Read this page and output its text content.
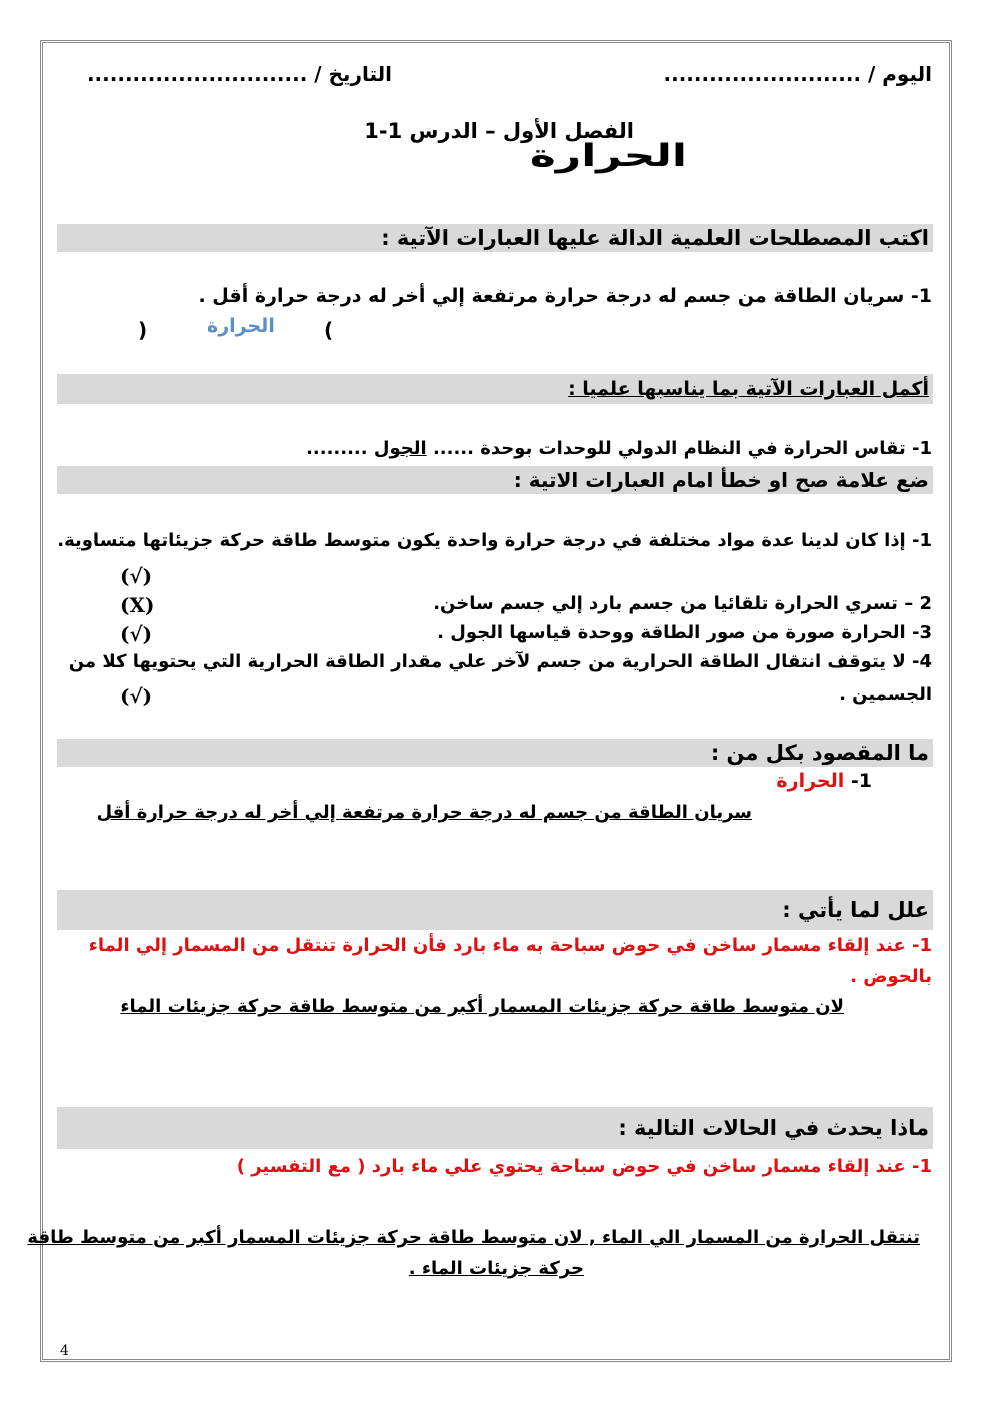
اليوم / ..........................
التاريخ / .............................
الفصل الأول – الدرس 1-1
الحرارة
اكتب المصطلحات العلمية الدالة عليها العبارات الآتية :
1- سريان الطاقة من جسم له درجة حرارة مرتفعة إلي أخر له درجة حرارة أقل .
(
الحرارة
)
أكمل العبارات الآتية بما يناسبها علميا :
1- تقاس الحرارة في النظام الدولي للوحدات بوحدة ...... الجول .........
ضع علامة صح او خطأ امام العبارات الاتية :
1- إذا كان لدينا عدة مواد مختلفة في درجة حرارة واحدة يكون متوسط طاقة حركة جزيئاتها متساوية.
(√)
2 – تسري الحرارة تلقائيا من جسم بارد إلي جسم ساخن.
(X)
3- الحرارة صورة من صور الطاقة ووحدة قياسها الجول .
(√)
4- لا يتوقف انتقال الطاقة الحرارية من جسم لآخر علي مقدار الطاقة الحرارية التي يحتويها كلا من
الجسمين .
(√)
ما المقصود بكل من :
1- الحرارة
سريان الطاقة من جسم له درجة حرارة مرتفعة إلي أخر له درجة حرارة أقل
علل لما يأتي :
1- عند إلقاء مسمار ساخن في حوض سباحة به ماء بارد فأن الحرارة تنتقل من المسمار إلي الماء
بالحوض .
لان متوسط طاقة حركة جزيئات المسمار أكبر من متوسط طاقة حركة جزيئات الماء
ماذا يحدث في الحالات التالية :
1- عند إلقاء مسمار ساخن في حوض سباحة يحتوي علي ماء بارد ( مع التفسير )
تنتقل الحرارة من المسمار الي الماء , لان متوسط طاقة حركة جزيئات المسمار أكبر من متوسط طاقة
حركة جزيئات الماء .
4
